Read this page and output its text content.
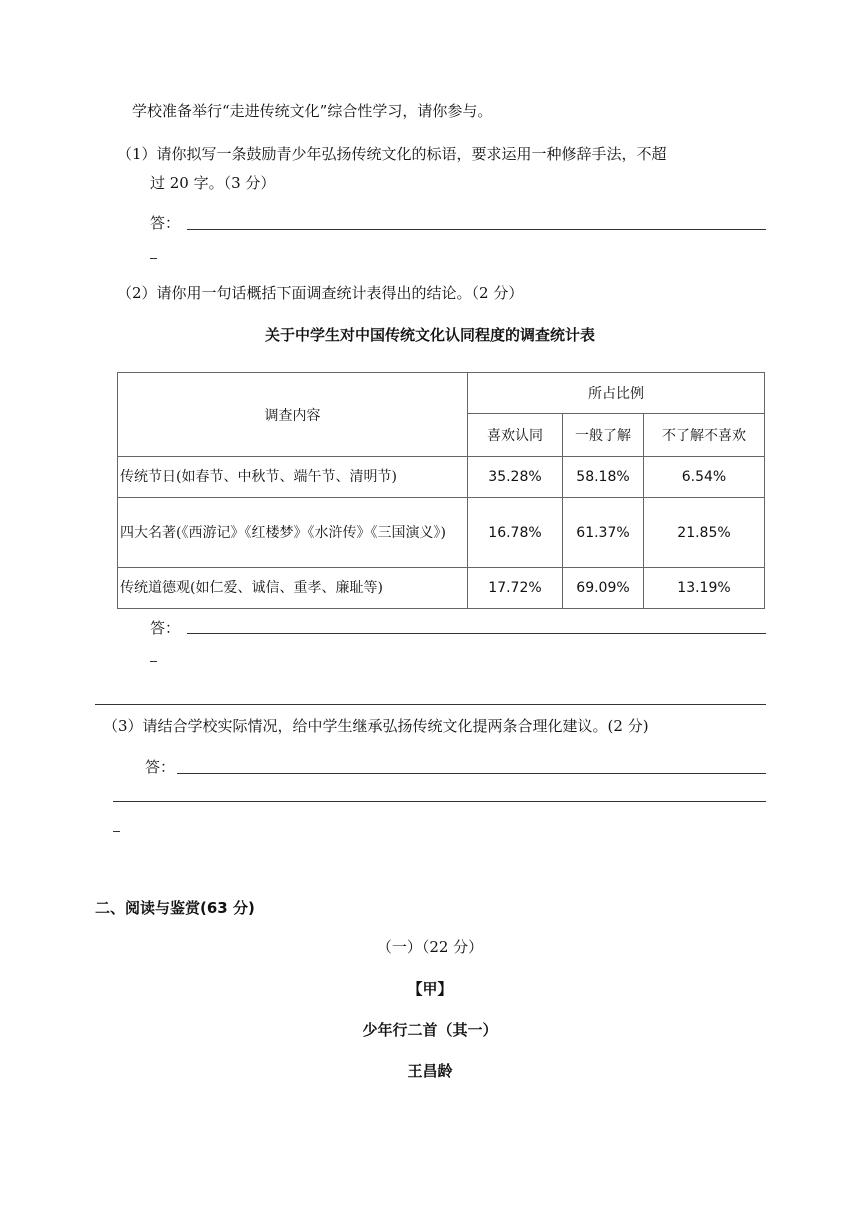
学校准备举行“走进传统文化”综合性学习，请你参与。
（1）请你拟写一条鼓励青少年弘扬传统文化的标语，要求运用一种修辞手法，不超
过 20 字。（3 分）
答：
（2）请你用一句话概括下面调查统计表得出的结论。（2 分）
关于中学生对中国传统文化认同程度的调查统计表
调查内容	所占比例		
	喜欢认同	一般了解	不了解不喜欢
传统节日(如春节、中秋节、端午节、清明节)	35.28%	58.18%	6.54%
四大名著(《西游记》《红楼梦》《水浒传》《三国演义》)	16.78%	61.37%	21.85%
传统道德观(如仁爱、诚信、重孝、廉耻等)	17.72%	69.09%	13.19%
答：
（3）请结合学校实际情况，给中学生继承弘扬传统文化提两条合理化建议。(2 分)
答：
二、阅读与鉴赏(63 分)
（一）（22 分）
【甲】
少年行二首（其一）
王昌龄
